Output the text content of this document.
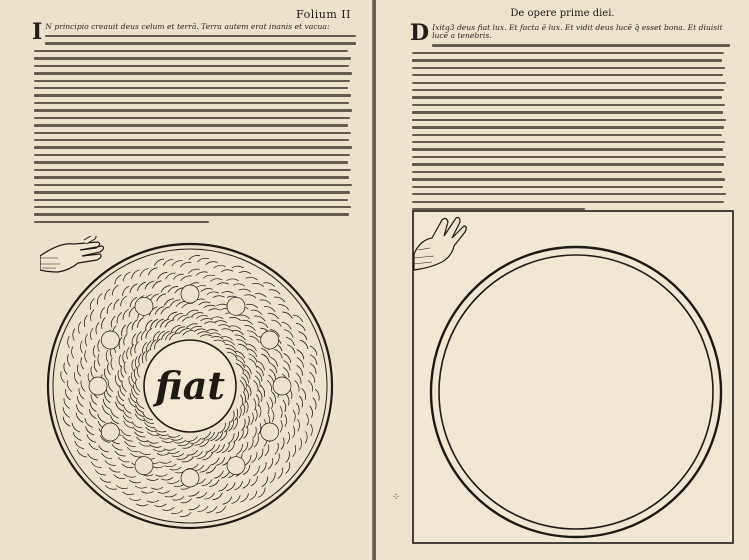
Folium II
I N principio creauit deus celum et terrā. Terra autem erat inanis et vacua:
fiat
De opere prime diei.
D Ixitq3 deus fiat lux. Et facta ē lux. Et vidit deus lucē q̄ esset bona. Et diuisit lucē a tenebris.
⁘
